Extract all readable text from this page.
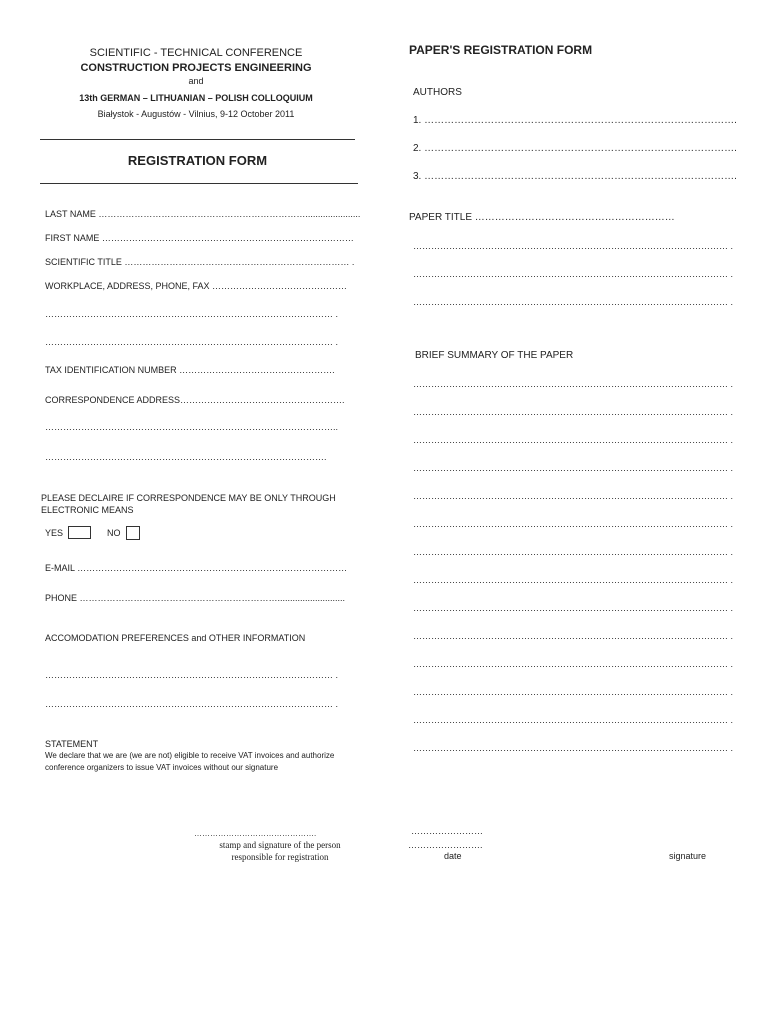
SCIENTIFIC - TECHNICAL CONFERENCE
CONSTRUCTION PROJECTS ENGINEERING
and
13th GERMAN – LITHUANIAN – POLISH COLLOQUIUM
Białystok - Augustów - Vilnius, 9-12 October 2011
REGISTRATION FORM
LAST NAME ……………………………………………………………......................
FIRST NAME …………………………………………………………………………
SCIENTIFIC TITLE ………………………………………………………………… .
WORKPLACE, ADDRESS, PHONE, FAX ………………………………………
…………………………………………………………………………………… .
…………………………………………………………………………………… .
TAX IDENTIFICATION NUMBER …………………………………………….
CORRESPONDENCE ADDRESS……………………………………………….
……………………………………………………………………………………..
………………………………………………………………………………….
PLEASE DECLAIRE IF CORRESPONDENCE MAY BE ONLY THROUGH
ELECTRONIC MEANS
YES	NO
E-MAIL ………………………………………………………………………………
PHONE …………………………………………………………...........................
ACCOMODATION PREFERENCES and OTHER INFORMATION
…………………………………………………………………………………… .
…………………………………………………………………………………… .
STATEMENT
We declare that we are (we are not) eligible to receive VAT invoices and authorize
conference organizers to issue VAT invoices without our signature
……………………………………….
stamp and signature of the person
responsible for registration
PAPER'S REGISTRATION FORM
AUTHORS
1. ………………………………………………………………………………….
2. ………………………………………………………………………………….
3. ………………………………………………………………………………….
PAPER TITLE ……………………………………………………
…………………………………………………………………………………………… .
…………………………………………………………………………………………… .
…………………………………………………………………………………………… .
BRIEF SUMMARY OF THE PAPER
…………………………………………………………………………………………… .
…………………………………………………………………………………………… .
…………………………………………………………………………………………… .
…………………………………………………………………………………………… .
…………………………………………………………………………………………… .
…………………………………………………………………………………………… .
…………………………………………………………………………………………… .
…………………………………………………………………………………………… .
…………………………………………………………………………………………… .
…………………………………………………………………………………………… .
…………………………………………………………………………………………… .
…………………………………………………………………………………………… .
…………………………………………………………………………………………… .
…………………………………………………………………………………………… .
……………………
…………………….
date	signature
